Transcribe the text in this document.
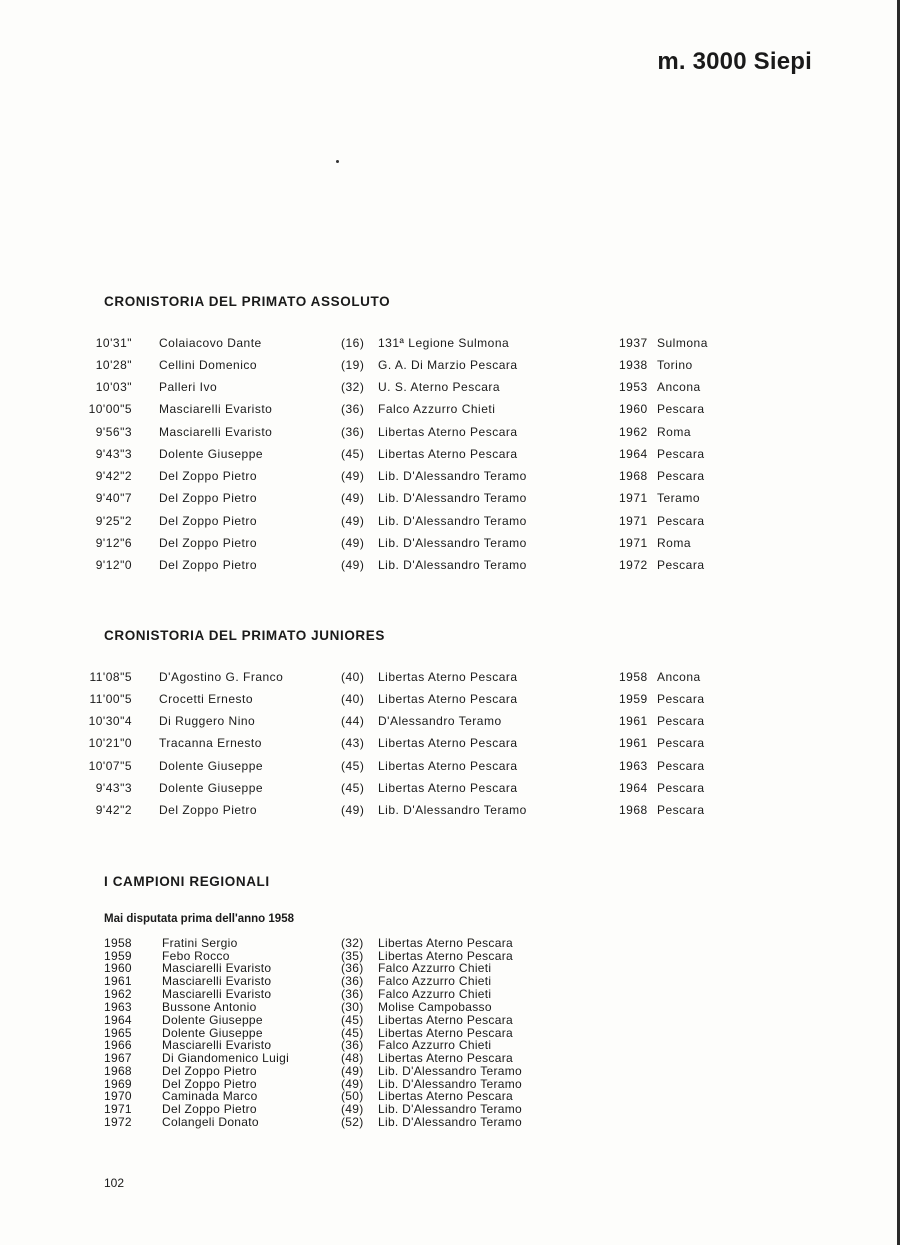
m. 3000 Siepi
CRONISTORIA DEL PRIMATO ASSOLUTO
10'31" Colaiacovo Dante	(16) 131ª Legione Sulmona	1937 Sulmona
10'28" Cellini Domenico	(19) G. A. Di Marzio Pescara	1938 Torino
10'03" Palleri Ivo	(32) U. S. Aterno Pescara	1953 Ancona
10'00"5 Masciarelli Evaristo	(36) Falco Azzurro Chieti	1960 Pescara
9'56"3 Masciarelli Evaristo	(36) Libertas Aterno Pescara	1962 Roma
9'43"3 Dolente Giuseppe	(45) Libertas Aterno Pescara	1964 Pescara
9'42"2 Del Zoppo Pietro	(49) Lib. D'Alessandro Teramo	1968 Pescara
9'40"7 Del Zoppo Pietro	(49) Lib. D'Alessandro Teramo	1971 Teramo
9'25"2 Del Zoppo Pietro	(49) Lib. D'Alessandro Teramo	1971 Pescara
9'12"6 Del Zoppo Pietro	(49) Lib. D'Alessandro Teramo	1971 Roma
9'12"0 Del Zoppo Pietro	(49) Lib. D'Alessandro Teramo	1972 Pescara
CRONISTORIA DEL PRIMATO JUNIORES
11'08"5 D'Agostino G. Franco	(40) Libertas Aterno Pescara	1958 Ancona
11'00"5 Crocetti Ernesto	(40) Libertas Aterno Pescara	1959 Pescara
10'30"4 Di Ruggero Nino	(44) D'Alessandro Teramo	1961 Pescara
10'21"0 Tracanna Ernesto	(43) Libertas Aterno Pescara	1961 Pescara
10'07"5 Dolente Giuseppe	(45) Libertas Aterno Pescara	1963 Pescara
9'43"3 Dolente Giuseppe	(45) Libertas Aterno Pescara	1964 Pescara
9'42"2 Del Zoppo Pietro	(49) Lib. D'Alessandro Teramo	1968 Pescara
I CAMPIONI REGIONALI
Mai disputata prima dell'anno 1958
1958	Fratini Sergio	(32) Libertas Aterno Pescara
1959	Febo Rocco	(35) Libertas Aterno Pescara
1960	Masciarelli Evaristo	(36) Falco Azzurro Chieti
1961	Masciarelli Evaristo	(36) Falco Azzurro Chieti
1962	Masciarelli Evaristo	(36) Falco Azzurro Chieti
1963	Bussone Antonio	(30) Molise Campobasso
1964	Dolente Giuseppe	(45) Libertas Aterno Pescara
1965	Dolente Giuseppe	(45) Libertas Aterno Pescara
1966	Masciarelli Evaristo	(36) Falco Azzurro Chieti
1967	Di Giandomenico Luigi	(48) Libertas Aterno Pescara
1968	Del Zoppo Pietro	(49) Lib. D'Alessandro Teramo
1969	Del Zoppo Pietro	(49) Lib. D'Alessandro Teramo
1970	Caminada Marco	(50) Libertas Aterno Pescara
1971	Del Zoppo Pietro	(49) Lib. D'Alessandro Teramo
1972	Colangeli Donato	(52) Lib. D'Alessandro Teramo
102
